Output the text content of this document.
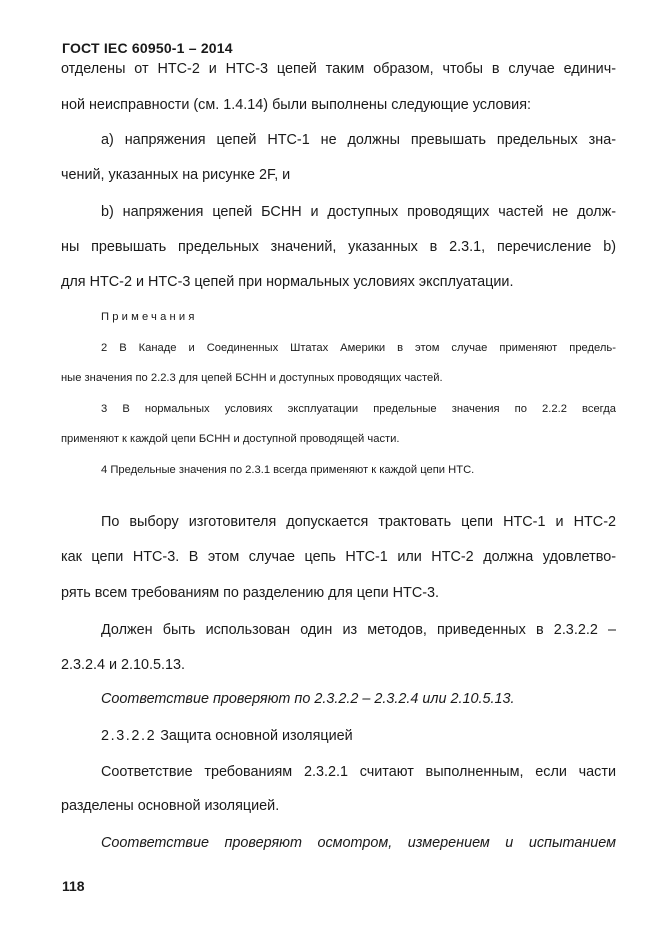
ГОСТ IEC 60950-1 – 2014
отделены от НТС-2 и НТС-3 цепей таким образом, чтобы в случае единич-
ной неисправности (см. 1.4.14) были выполнены следующие условия:
а) напряжения цепей НТС-1 не должны превышать предельных зна-
чений, указанных на рисунке 2F, и
b) напряжения цепей БСНН и доступных проводящих частей не долж-
ны превышать предельных значений, указанных в 2.3.1, перечисление b)
для НТС-2 и НТС-3 цепей при нормальных условиях эксплуатации.
Примечания
2 В Канаде и Соединенных Штатах Америки в этом случае применяют предель-
ные значения по 2.2.3 для цепей БСНН и доступных проводящих частей.
3 В нормальных условиях эксплуатации предельные значения по 2.2.2 всегда
применяют к каждой цепи БСНН и доступной проводящей части.
4 Предельные значения по 2.3.1 всегда применяют к каждой цепи НТС.
По выбору изготовителя допускается трактовать цепи НТС-1 и НТС-2
как цепи НТС-3. В этом случае цепь НТС-1 или НТС-2 должна удовлетво-
рять всем требованиям по разделению для цепи НТС-3.
Должен быть использован один из методов, приведенных в 2.3.2.2 –
2.3.2.4 и 2.10.5.13.
Соответствие проверяют по 2.3.2.2 – 2.3.2.4 или 2.10.5.13.
2.3.2.2 Защита основной изоляцией
Соответствие требованиям 2.3.2.1 считают выполненным, если части
разделены основной изоляцией.
Соответствие проверяют осмотром, измерением и испытанием
118
